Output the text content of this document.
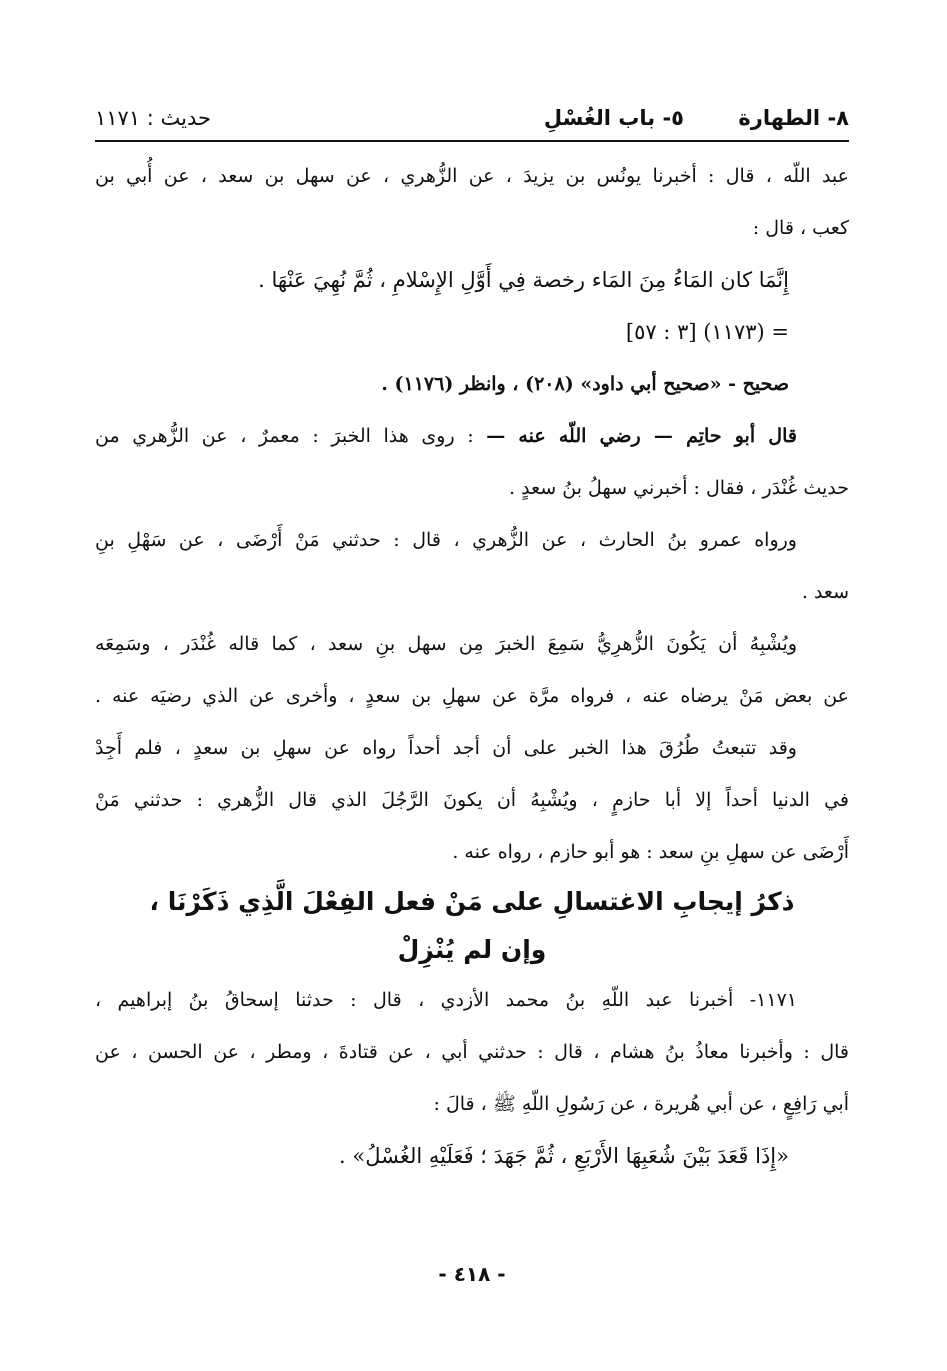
٨- الطهارة
٥- باب الغُسْلِ
حديث : ١١٧١
عبد اللّه ، قال : أخبرنا يونُس بن يزيدَ ، عن الزُّهري ، عن سهل بن سعد ، عن أُبي بن
كعب ، قال :
إِنَّمَا كان المَاءُ مِنَ المَاء رخصة فِي أَوَّلِ الإِسْلامِ ، ثُمَّ نُهِيَ عَنْهَا .
= (١١٧٣) [٣ : ٥٧]
صحيح - «صحيح أبي داود» (٢٠٨) ، وانظر (١١٧٦) .
قال أبو حاتِم — رضي اللّه عنه — : روى هذا الخبرَ : معمرٌ ، عن الزُّهري من
حديث غُنْدَر ، فقال : أخبرني سهلُ بنُ سعدٍ .
ورواه عمرو بنُ الحارث ، عن الزُّهري ، قال : حدثني مَنْ أَرْضَى ، عن سَهْلِ بنِ
سعد .
ويُشْبِهُ أن يَكُونَ الزُّهرِيُّ سَمِعَ الخبرَ مِن سهل بنِ سعد ، كما قاله غُنْدَر ، وسَمِعَه
عن بعض مَنْ يرضاه عنه ، فرواه مرَّة عن سهلِ بن سعدٍ ، وأخرى عن الذي رضيَه عنه .
وقد تتبعتُ طُرُقَ هذا الخبر على أن أجد أحداً رواه عن سهلِ بن سعدٍ ، فلم أَجِدْ
في الدنيا أحداً إلا أبا حازمٍ ، ويُشْبِهُ أن يكونَ الرَّجُلَ الذي قال الزُّهري : حدثني مَنْ
أَرْضَى عن سهلِ بنِ سعد : هو أبو حازم ، رواه عنه .
ذكرُ إيجابِ الاغتسالِ على مَنْ فعل الفِعْلَ الَّذِي ذَكَرْنَا ،
وإن لم يُنْزِلْ
١١٧١- أخبرنا عبد اللّهِ بنُ محمد الأزدي ، قال : حدثنا إسحاقُ بنُ إبراهيم ،
قال : وأخبرنا معاذُ بنُ هشام ، قال : حدثني أبي ، عن قتادةَ ، ومطر ، عن الحسن ، عن
أبي رَافِعٍ ، عن أبي هُريرة ، عن رَسُولِ اللّهِ ﷺ ، قالَ :
«إِذَا قَعَدَ بَيْنَ شُعَبِهَا الأَرْبَعِ ، ثُمَّ جَهَدَ ؛ فَعَلَيْهِ الغُسْلُ» .
- ٤١٨ -
